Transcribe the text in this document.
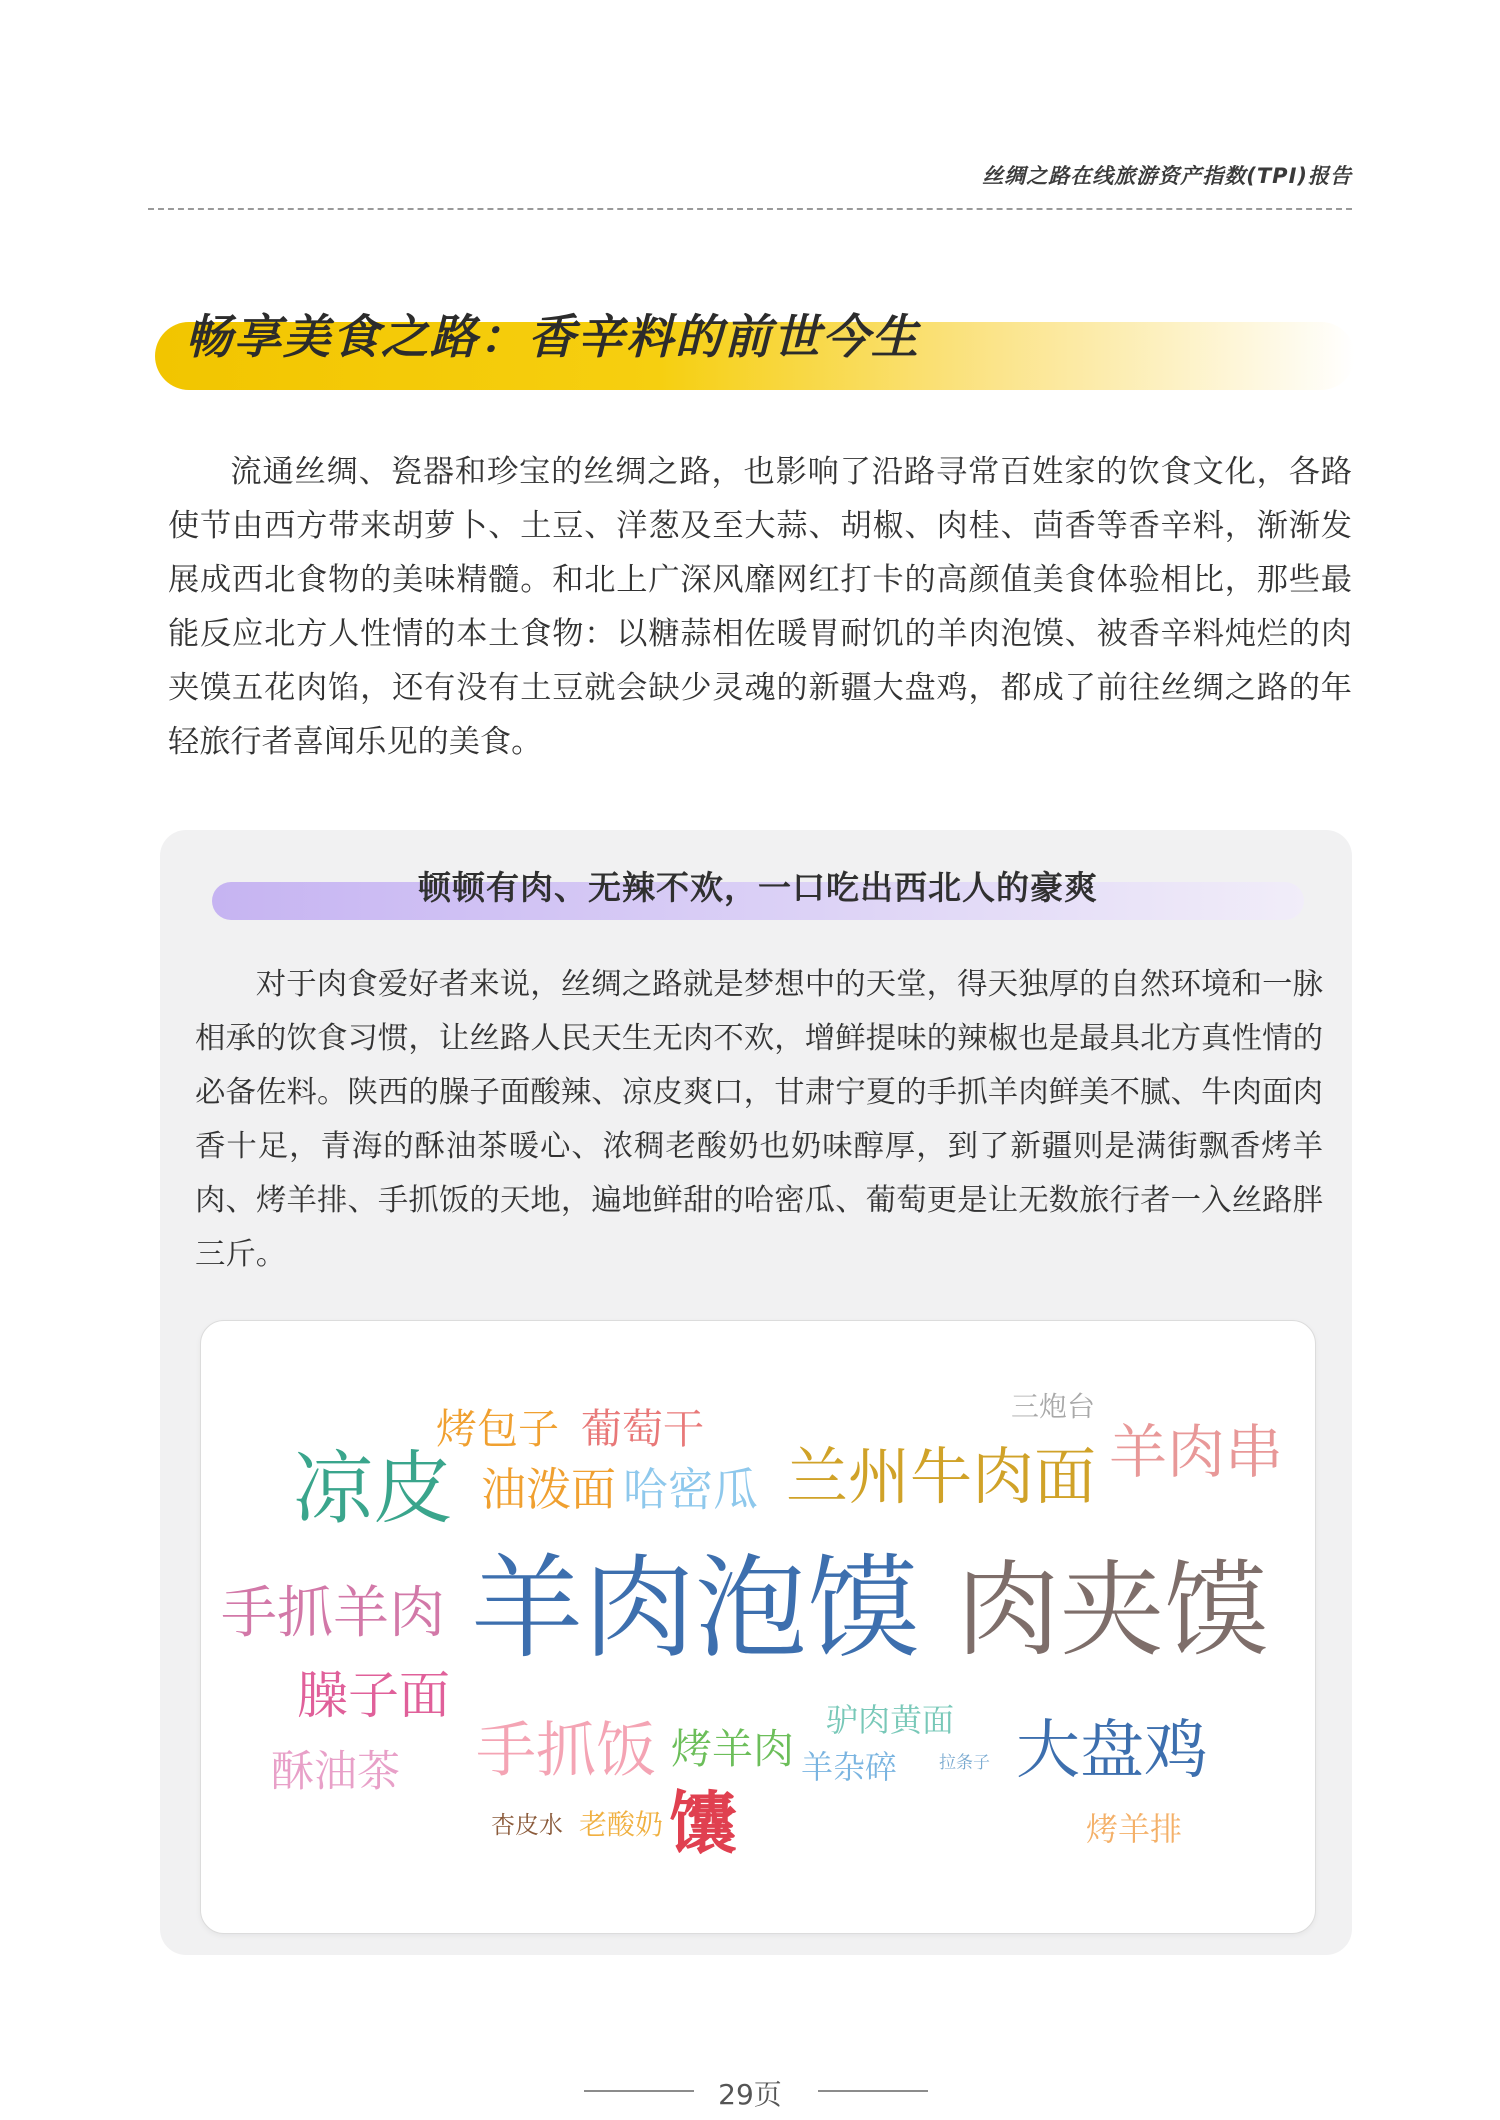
丝绸之路在线旅游资产指数(TPI)报告
畅享美食之路：香辛料的前世今生

流通丝绸、瓷器和珍宝的丝绸之路，也影响了沿路寻常百姓家的饮食文化，各路使节由西方带来胡萝卜、土豆、洋葱及至大蒜、胡椒、肉桂、茴香等香辛料，渐渐发展成西北食物的美味精髓。和北上广深风靡网红打卡的高颜值美食体验相比，那些最能反应北方人性情的本土食物：以糖蒜相佐暖胃耐饥的羊肉泡馍、被香辛料炖烂的肉夹馍五花肉馅，还有没有土豆就会缺少灵魂的新疆大盘鸡，都成了前往丝绸之路的年轻旅行者喜闻乐见的美食。

顿顿有肉、无辣不欢，一口吃出西北人的豪爽

对于肉食爱好者来说，丝绸之路就是梦想中的天堂，得天独厚的自然环境和一脉相承的饮食习惯，让丝路人民天生无肉不欢，增鲜提味的辣椒也是最具北方真性情的必备佐料。陕西的臊子面酸辣、凉皮爽口，甘肃宁夏的手抓羊肉鲜美不腻、牛肉面肉香十足，青海的酥油茶暖心、浓稠老酸奶也奶味醇厚，到了新疆则是满街飘香烤羊肉、烤羊排、手抓饭的天地，遍地鲜甜的哈密瓜、葡萄更是让无数旅行者一入丝路胖三斤。

烤包子 葡萄干	三炮台
凉皮 油泼面 哈密瓜 兰州牛肉面 羊肉串
手抓羊肉 羊肉泡馍 肉夹馍
臊子面
酥油茶 手抓饭 烤羊肉
驴肉黄面
羊杂碎 拉条子 大盘鸡
杏皮水 老酸奶 馕	烤羊排
29页
